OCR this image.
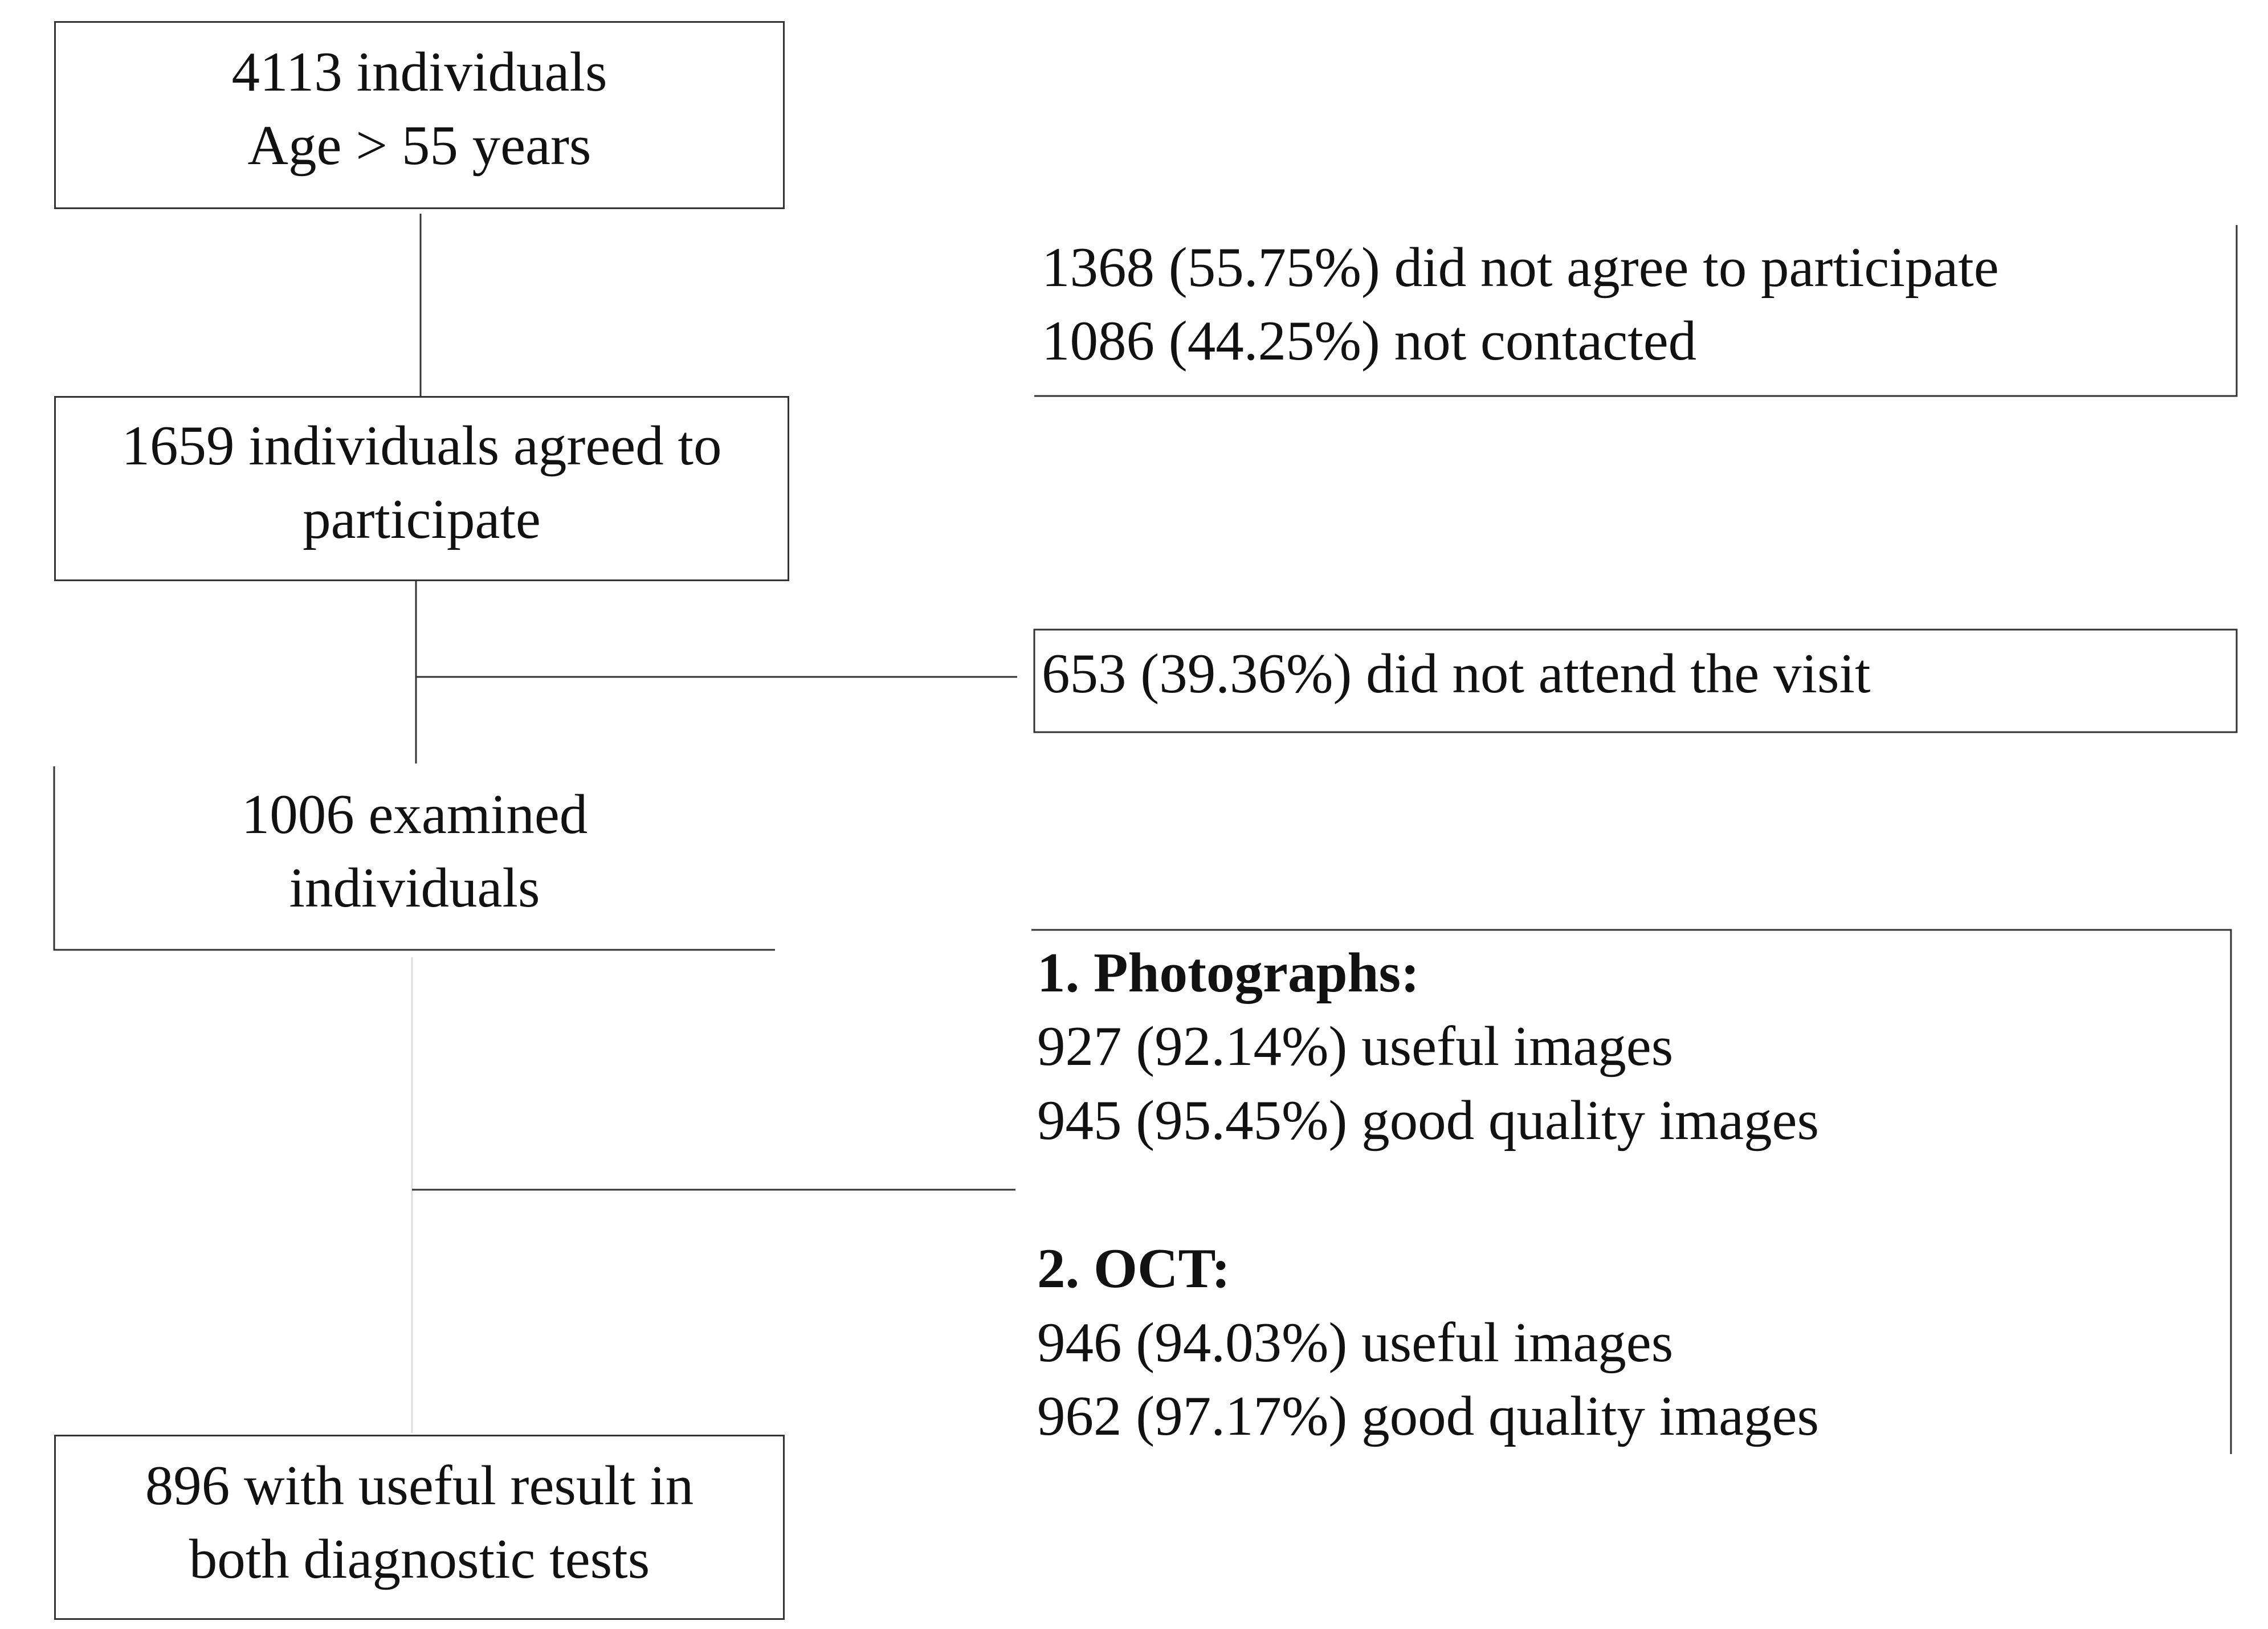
4113 individuals
Age > 55 years
1659 individuals agreed to
participate
1006 examined
individuals
896 with useful result in
both diagnostic tests
1368 (55.75%) did not agree to participate
1086 (44.25%) not contacted
653 (39.36%) did not attend the visit
1. Photographs:
927 (92.14%) useful images
945 (95.45%) good quality images
2. OCT:
946 (94.03%) useful images
962 (97.17%) good quality images
